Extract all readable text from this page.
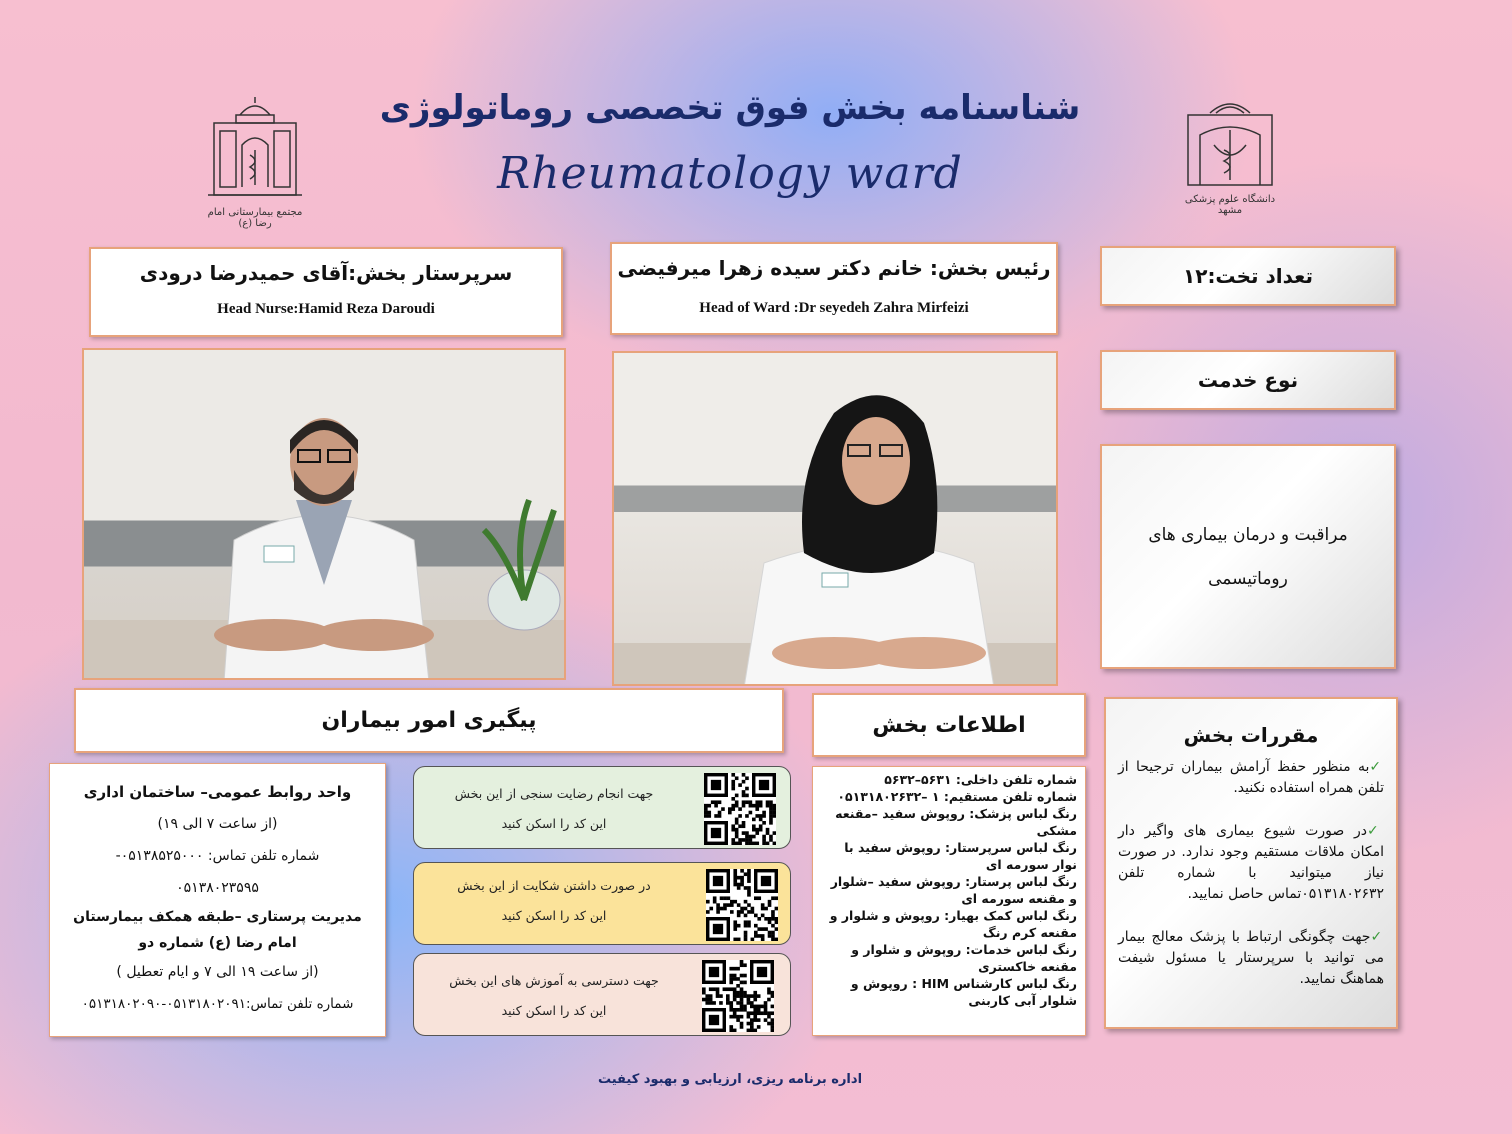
شناسنامه بخش فوق تخصصی روماتولوژی
Rheumatology ward
مجتمع بیمارستانی امام رضا (ع)
دانشگاه علوم پزشکی مشهد
سرپرستار بخش:آقای حمیدرضا درودی
Head Nurse:Hamid Reza Daroudi
رئیس بخش: خانم دکتر سیده زهرا میرفیضی
Head of Ward :Dr seyedeh Zahra Mirfeizi
تعداد تخت:۱۲
نوع خدمت
مراقبت و درمان بیماری های روماتیسمی
پیگیری امور بیماران	اطلاعات بخش	مقررات بخش
✓به منظور حفظ آرامش بیماران ترجیحا از تلفن همراه استفاده نکنید.
✓در صورت شیوع بیماری های واگیر دار امکان ملاقات مستقیم وجود ندارد. در صورت نیاز میتوانید با شماره تلفن ۰۵۱۳۱۸۰۲۶۳۲تماس حاصل نمایید.
✓جهت چگونگی ارتباط با پزشک معالج بیمار می توانید با سرپرستار یا مسئول شیفت هماهنگ نمایید.
واحد روابط عمومی– ساختمان اداری
(از ساعت ۷ الی ۱۹)
شماره تلفن تماس: ۰۵۱۳۸۵۲۵۰۰۰-
۰۵۱۳۸۰۲۳۵۹۵
مدیریت پرستاری –طبقه همکف بیمارستان امام رضا (ع) شماره دو
(از ساعت ۱۹ الی ۷ و ایام تعطیل )
شماره تلفن تماس:۰۵۱۳۱۸۰۲۰۹۱-۰۵۱۳۱۸۰۲۰۹۰
جهت انجام رضایت سنجی از این بخش
این کد را اسکن کنید
در صورت داشتن شکایت از این بخش
این کد را اسکن کنید
جهت دسترسی به آموزش های این بخش
این کد را اسکن کنید
شماره تلفن داخلی: ۵۶۳۱–۵۶۳۲
شماره تلفن مستقیم: ۱ –۰۵۱۳۱۸۰۲۶۳۲
رنگ لباس پزشک: روپوش سفید –مقنعه مشکی
رنگ لباس سرپرستار: روپوش سفید با نوار سورمه ای
رنگ لباس پرستار: روپوش سفید –شلوار و مقنعه سورمه ای
رنگ لباس کمک بهیار: روپوش و شلوار و مقنعه کرم رنگ
رنگ لباس خدمات: روپوش و شلوار و مقنعه خاکستری
رنگ لباس کارشناس HIM : روپوش و شلوار آبی کاربنی
اداره برنامه ریزی، ارزیابی و بهبود کیفیت
